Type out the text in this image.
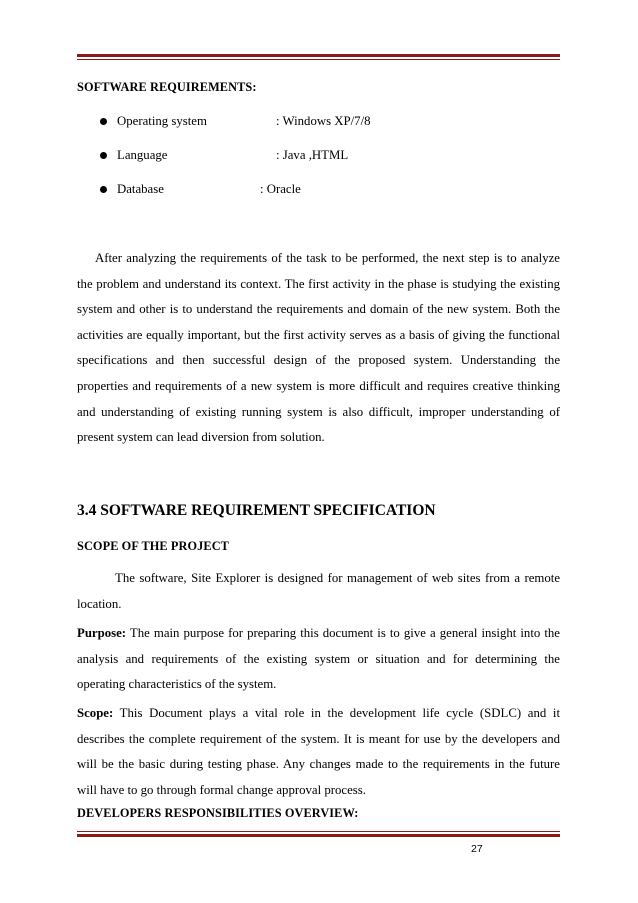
SOFTWARE REQUIREMENTS:
Operating system	: Windows XP/7/8
Language	: Java ,HTML
Database	: Oracle

After analyzing the requirements of the task to be performed, the next step is to analyze the problem and understand its context. The first activity in the phase is studying the existing system and other is to understand the requirements and domain of the new system. Both the activities are equally important, but the first activity serves as a basis of giving the functional specifications and then successful design of the proposed system. Understanding the properties and requirements of a new system is more difficult and requires creative thinking and understanding of existing running system is also difficult, improper understanding of present system can lead diversion from solution.

3.4 SOFTWARE REQUIREMENT SPECIFICATION
SCOPE OF THE PROJECT

The software, Site Explorer is designed for management of web sites from a remote location.

Purpose: The main purpose for preparing this document is to give a general insight into the analysis and requirements of the existing system or situation and for determining the operating characteristics of the system.

Scope: This Document plays a vital role in the development life cycle (SDLC) and it describes the complete requirement of the system. It is meant for use by the developers and will be the basic during testing phase. Any changes made to the requirements in the future will have to go through formal change approval process.

DEVELOPERS RESPONSIBILITIES OVERVIEW:
27
